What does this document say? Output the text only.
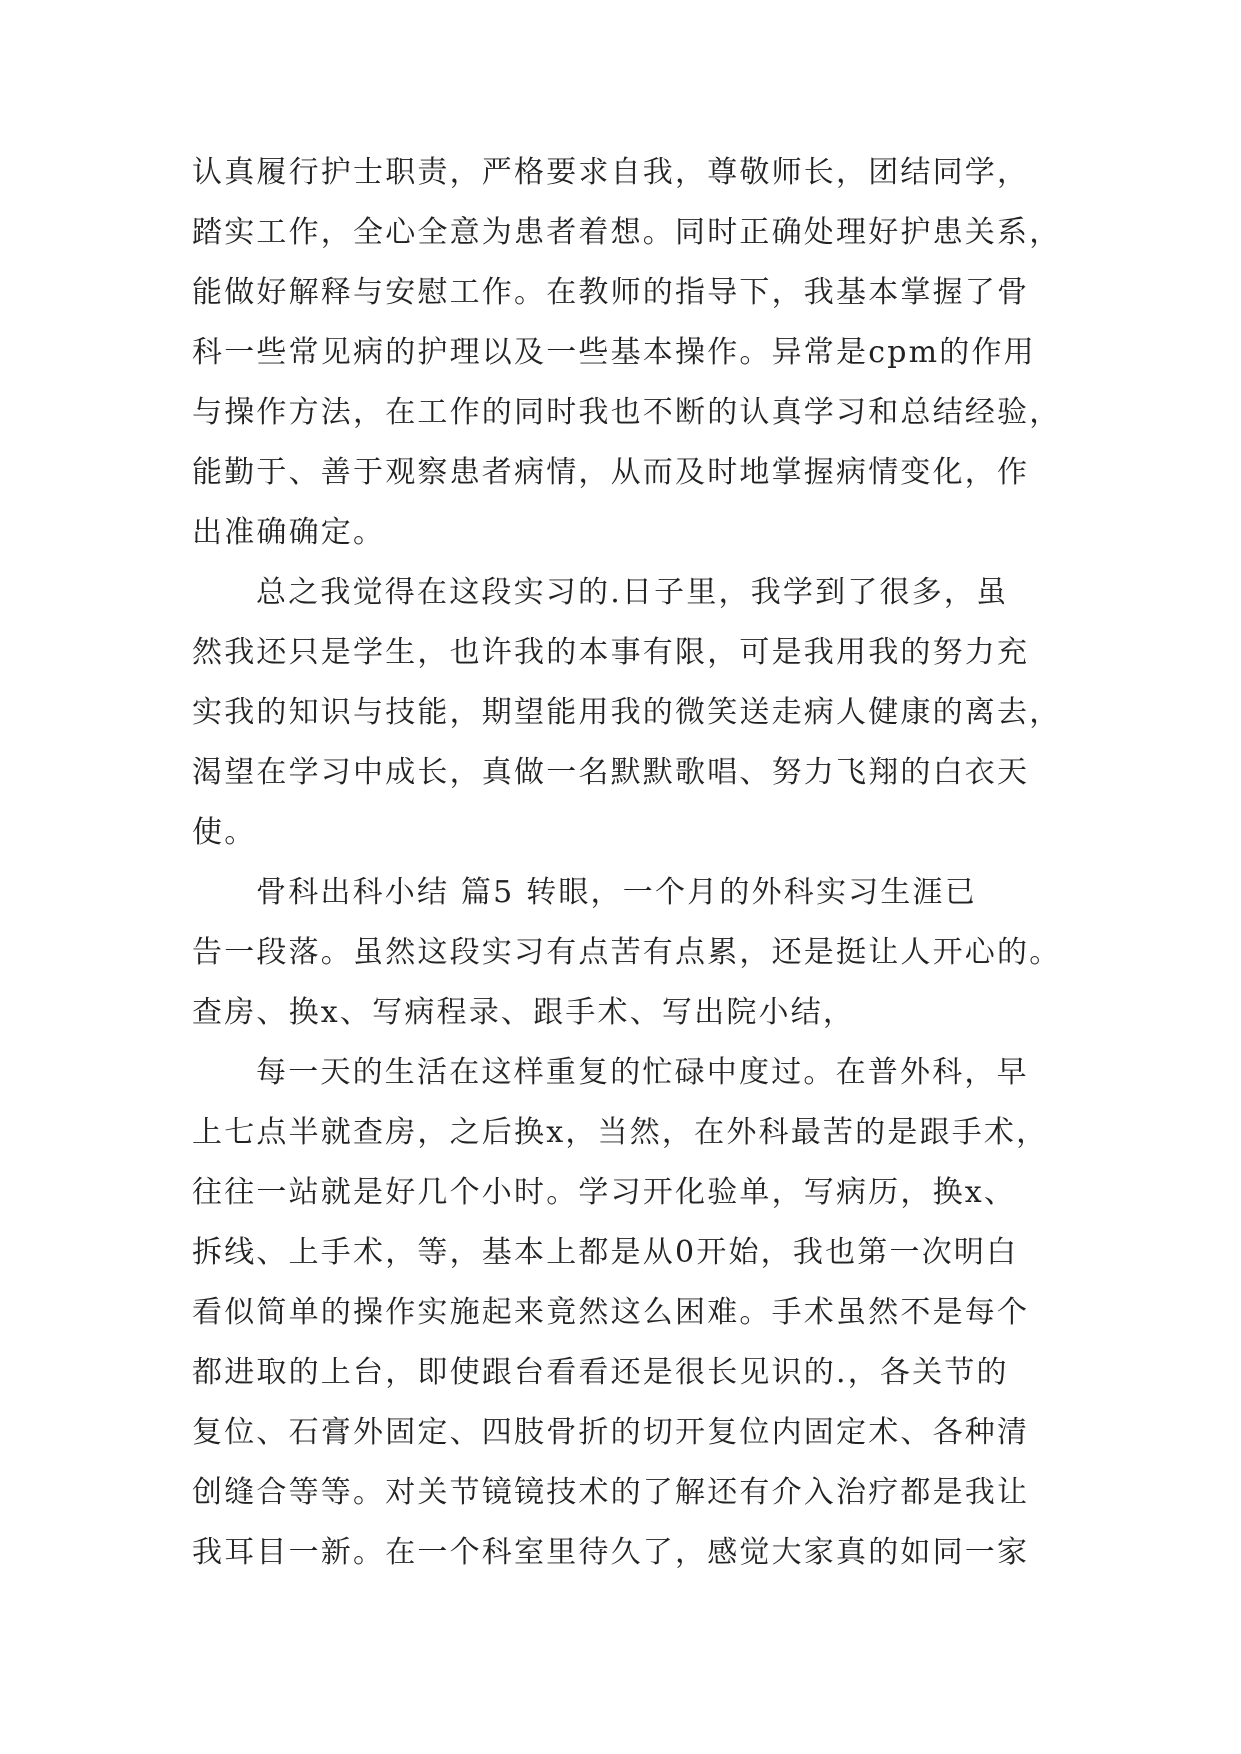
认真履行护士职责，严格要求自我，尊敬师长，团结同学，
踏实工作，全心全意为患者着想。同时正确处理好护患关系，
能做好解释与安慰工作。在教师的指导下，我基本掌握了骨
科一些常见病的护理以及一些基本操作。异常是cpm的作用
与操作方法，在工作的同时我也不断的认真学习和总结经验，
能勤于、善于观察患者病情，从而及时地掌握病情变化，作
出准确确定。
总之我觉得在这段实习的.日子里，我学到了很多，虽
然我还只是学生，也许我的本事有限，可是我用我的努力充
实我的知识与技能，期望能用我的微笑送走病人健康的离去，
渴望在学习中成长，真做一名默默歌唱、努力飞翔的白衣天
使。
骨科出科小结 篇5 转眼，一个月的外科实习生涯已
告一段落。虽然这段实习有点苦有点累，还是挺让人开心的。
查房、换x、写病程录、跟手术、写出院小结，
每一天的生活在这样重复的忙碌中度过。在普外科，早
上七点半就查房，之后换x，当然，在外科最苦的是跟手术，
往往一站就是好几个小时。学习开化验单，写病历，换x、
拆线、上手术，等，基本上都是从0开始，我也第一次明白
看似简单的操作实施起来竟然这么困难。手术虽然不是每个
都进取的上台，即使跟台看看还是很长见识的.，各关节的
复位、石膏外固定、四肢骨折的切开复位内固定术、各种清
创缝合等等。对关节镜镜技术的了解还有介入治疗都是我让
我耳目一新。在一个科室里待久了，感觉大家真的如同一家
